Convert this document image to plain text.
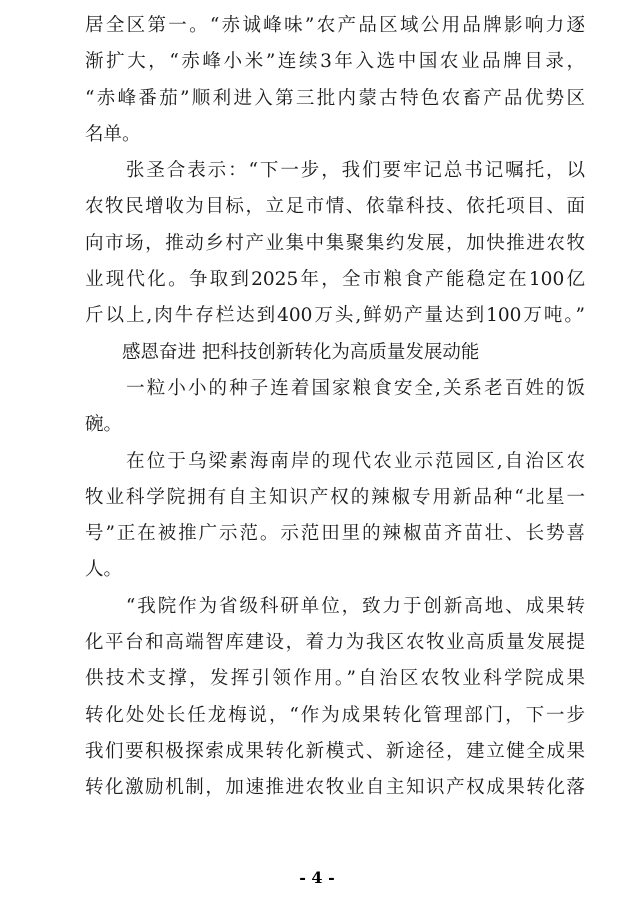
居全区第一。“赤诚峰味”农产品区域公用品牌影响力逐
渐扩大，“赤峰小米”连续3年入选中国农业品牌目录，
“赤峰番茄”顺利进入第三批内蒙古特色农畜产品优势区
名单。
　　张圣合表示：“下一步，我们要牢记总书记嘱托，以
农牧民增收为目标，立足市情、依靠科技、依托项目、面
向市场，推动乡村产业集中集聚集约发展，加快推进农牧
业现代化。争取到2025年，全市粮食产能稳定在100亿
斤以上,肉牛存栏达到400万头,鲜奶产量达到100万吨。”
　　感恩奋进 把科技创新转化为高质量发展动能
　　一粒小小的种子连着国家粮食安全,关系老百姓的饭
碗。
　　在位于乌梁素海南岸的现代农业示范园区,自治区农
牧业科学院拥有自主知识产权的辣椒专用新品种“北星一
号”正在被推广示范。示范田里的辣椒苗齐苗壮、长势喜
人。
　　“我院作为省级科研单位，致力于创新高地、成果转
化平台和高端智库建设，着力为我区农牧业高质量发展提
供技术支撑，发挥引领作用。”自治区农牧业科学院成果
转化处处长任龙梅说，“作为成果转化管理部门，下一步
我们要积极探索成果转化新模式、新途径，建立健全成果
转化激励机制，加速推进农牧业自主知识产权成果转化落
- 4 -
